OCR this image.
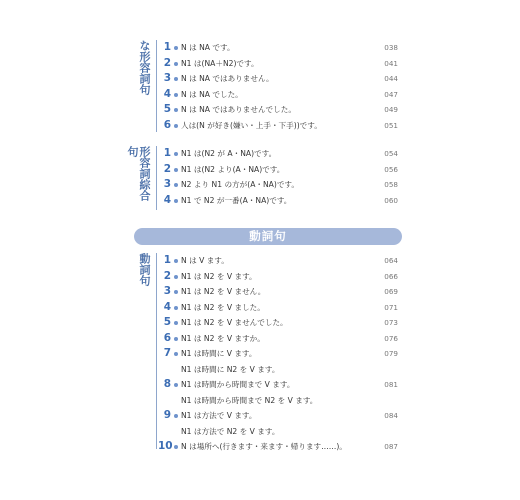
な形容詞句 1 N は NA です。	038
2 N1 は(NA＋N2)です。	041
3 N は NA ではありません。	044
4 N は NA でした。	047
5 N は NA ではありませんでした。	049
6 人は(N が好き(嫌い・上手・下手))です。	051
形容詞綜合句	1 N1 は(N2 が A・NA)です。	054
2 N1 は(N2 より(A・NA)です。	056
3 N2 より N1 の方が(A・NA)です。	058
4 N1 で N2 が一番(A・NA)です。	060
動詞句
動詞句 1 N は V ます。	064
2 N1 は N2 を V ます。	066
3 N1 は N2 を V ません。	069
4 N1 は N2 を V ました。	071
5 N1 は N2 を V ませんでした。	073
6 N1 は N2 を V ますか。	076
7 N1 は時間に V ます。	079
N1 は時間に N2 を V ます。
8 N1 は時間から時間まで V ます。	081
N1 は時間から時間まで N2 を V ます。
9 N1 は方法で V ます。	084
N1 は方法で N2 を V ます。
10 N は場所へ(行きます・来ます・帰ります……)。	087
